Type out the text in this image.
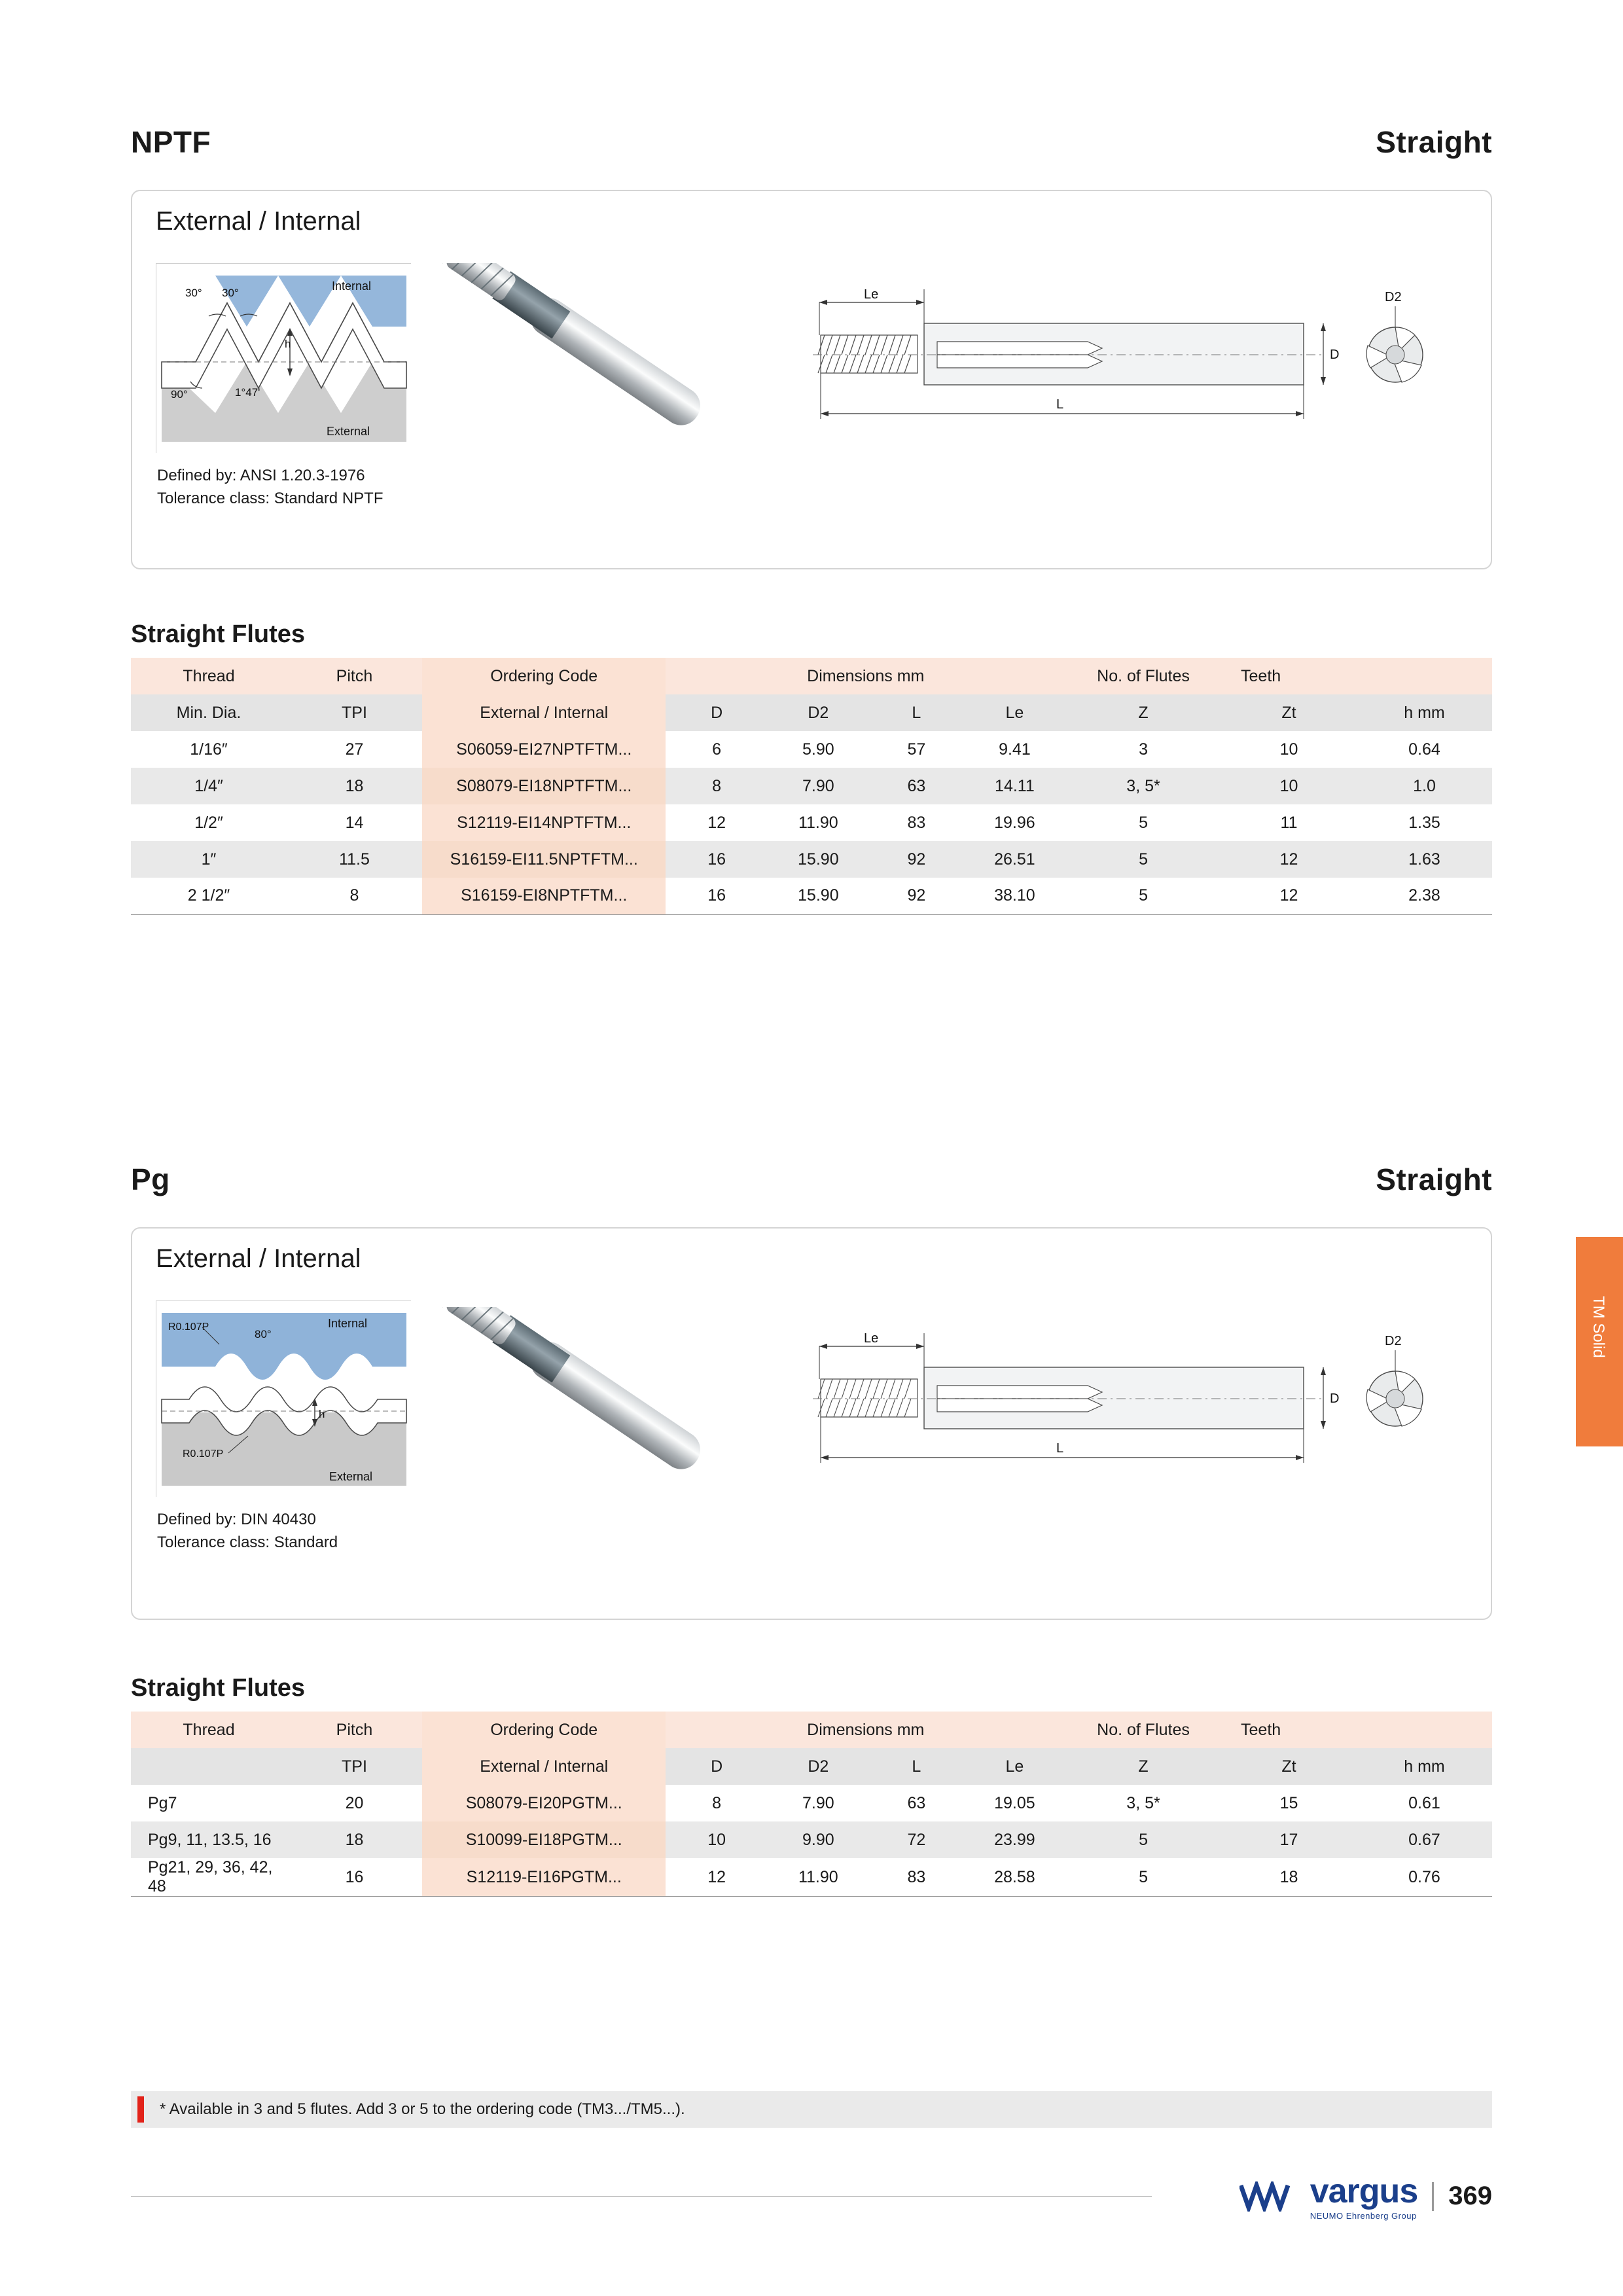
NPTF	Straight
External / Internal
30° 30°
90°	1°47'
h
Internal
External
Defined by: ANSI 1.20.3-1976
Tolerance class: Standard NPTF
Le
D
L
D2
Straight Flutes
Thread	Pitch	Ordering Code	Dimensions mm				No. of Flutes	Teeth	
Min. Dia.	TPI	External / Internal	D	D2	L	Le	Z	Zt	h mm
1/16″	27	S06059-EI27NPTFTM...	6	5.90	57	9.41	3	10	0.64
1/4″	18	S08079-EI18NPTFTM...	8	7.90	63	14.11	3, 5*	10	1.0
1/2″	14	S12119-EI14NPTFTM...	12	11.90	83	19.96	5	11	1.35
1″	11.5	S16159-EI11.5NPTFTM...	16	15.90	92	26.51	5	12	1.63
2 1/2″	8	S16159-EI8NPTFTM...	16	15.90	92	38.10	5	12	2.38
Pg	Straight
External / Internal
h
R0.107P
R0.107P
80°
Internal
External
Defined by: DIN 40430
Tolerance class: Standard
Le
D
L
D2
Straight Flutes
Thread	Pitch	Ordering Code	Dimensions mm				No. of Flutes	Teeth	
	TPI	External / Internal	D	D2	L	Le	Z	Zt	h mm
Pg7	20	S08079-EI20PGTM...	8	7.90	63	19.05	3, 5*	15	0.61
Pg9, 11, 13.5, 16	18	S10099-EI18PGTM...	10	9.90	72	23.99	5	17	0.67
Pg21, 29, 36, 42, 48	16	S12119-EI16PGTM...	12	11.90	83	28.58	5	18	0.76
TM Solid
* Available in 3 and 5 flutes. Add 3 or 5 to the ordering code (TM3.../TM5...).
vargus
NEUMO Ehrenberg Group
369
